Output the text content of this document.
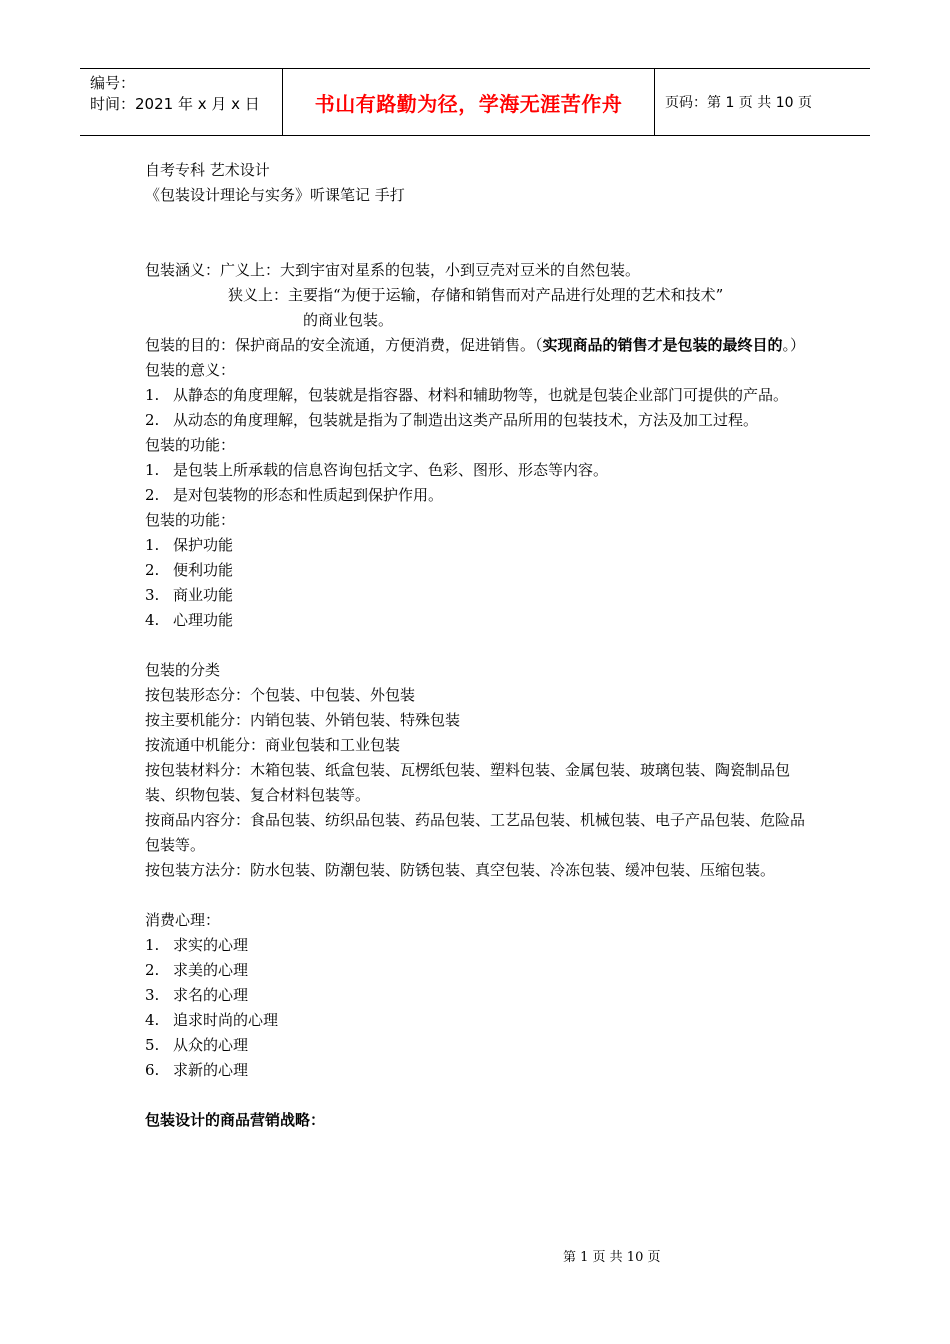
编号：
时间：2021 年 x 月 x 日	书山有路勤为径，学海无涯苦作舟	页码：第 1 页 共 10 页
自考专科 艺术设计
《包装设计理论与实务》听课笔记 手打
包装涵义：广义上：大到宇宙对星系的包装，小到豆壳对豆米的自然包装。
狭义上：主要指“为便于运输，存储和销售而对产品进行处理的艺术和技术”
的商业包装。
包装的目的：保护商品的安全流通，方便消费，促进销售。（实现商品的销售才是包装的最终目的。）
包装的意义：
1. 从静态的角度理解，包装就是指容器、材料和辅助物等，也就是包装企业部门可提供的产品。
2. 从动态的角度理解，包装就是指为了制造出这类产品所用的包装技术，方法及加工过程。
包装的功能：
1. 是包装上所承载的信息咨询包括文字、色彩、图形、形态等内容。
2. 是对包装物的形态和性质起到保护作用。
包装的功能：
1. 保护功能
2. 便利功能
3. 商业功能
4. 心理功能
包装的分类
按包装形态分：个包装、中包装、外包装
按主要机能分：内销包装、外销包装、特殊包装
按流通中机能分：商业包装和工业包装
按包装材料分：木箱包装、纸盒包装、瓦楞纸包装、塑料包装、金属包装、玻璃包装、陶瓷制品包装、织物包装、复合材料包装等。
按商品内容分：食品包装、纺织品包装、药品包装、工艺品包装、机械包装、电子产品包装、危险品包装等。
按包装方法分：防水包装、防潮包装、防锈包装、真空包装、冷冻包装、缓冲包装、压缩包装。
消费心理：
1. 求实的心理
2. 求美的心理
3. 求名的心理
4. 追求时尚的心理
5. 从众的心理
6. 求新的心理
包装设计的商品营销战略：
第 1 页 共 10 页
